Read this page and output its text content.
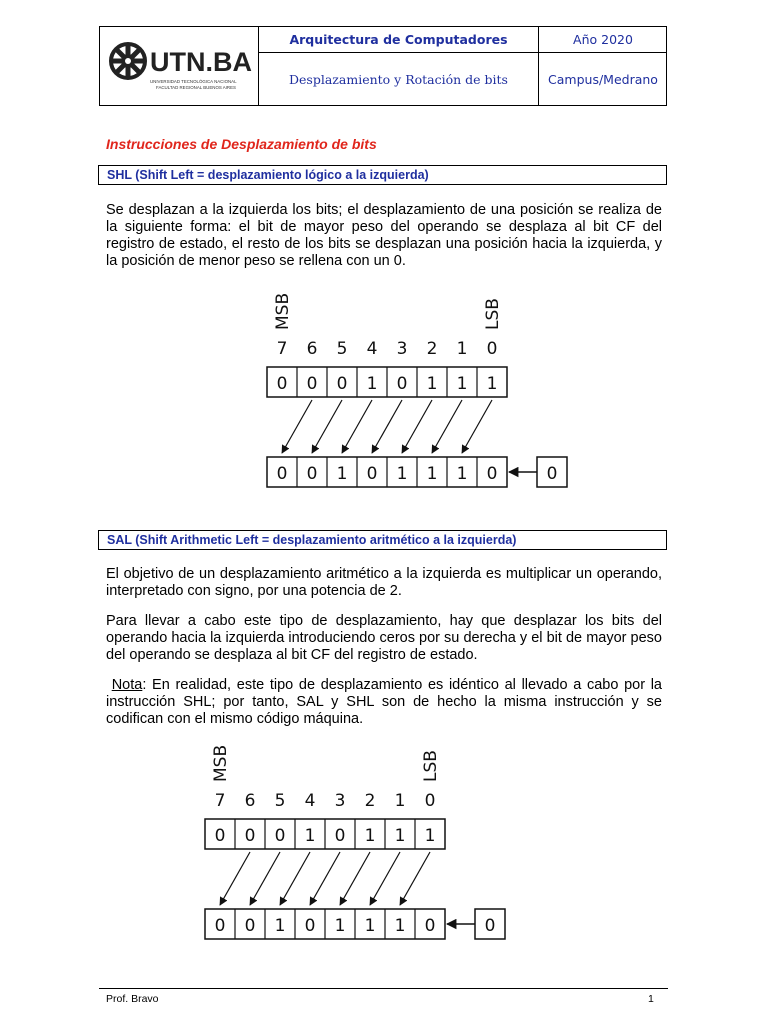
UTN.BA
UNIVERSIDAD TECNOLÓGICA NACIONAL
FACULTAD REGIONAL BUENOS AIRES
Arquitectura de Computadores	Año 2020
Desplazamiento y Rotación de bits	Campus/Medrano
Instrucciones de Desplazamiento de bits
SHL (Shift Left = desplazamiento lógico a la izquierda)
Se desplazan a la izquierda los bits; el desplazamiento de una posición se realiza de la siguiente forma: el bit de mayor peso del operando se desplaza al bit CF del registro de estado, el resto de los bits se desplazan una posición hacia la izquierda, y la posición de menor peso se rellena con un 0.
MSB	LSB
7 6 5 4 3 2 1 0
0 0 0 1 0 1 1 1
0 0 1 0 1 1 1 0	0
SAL (Shift Arithmetic Left = desplazamiento aritmético a la izquierda)
El objetivo de un desplazamiento aritmético a la izquierda es multiplicar un operando, interpretado con signo, por una potencia de 2.
Para llevar a cabo este tipo de desplazamiento, hay que desplazar los bits del operando hacia la izquierda introduciendo ceros por su derecha y el bit de mayor peso del operando se desplaza al bit CF del registro de estado.
Nota: En realidad, este tipo de desplazamiento es idéntico al llevado a cabo por la instrucción SHL; por tanto, SAL y SHL son de hecho la misma instrucción y se codifican con el mismo código máquina.
MSB	LSB
7 6 5 4 3 2 1 0
0 0 0 1 0 1 1 1
0 0 1 0 1 1 1 0	0
Prof. Bravo	1
